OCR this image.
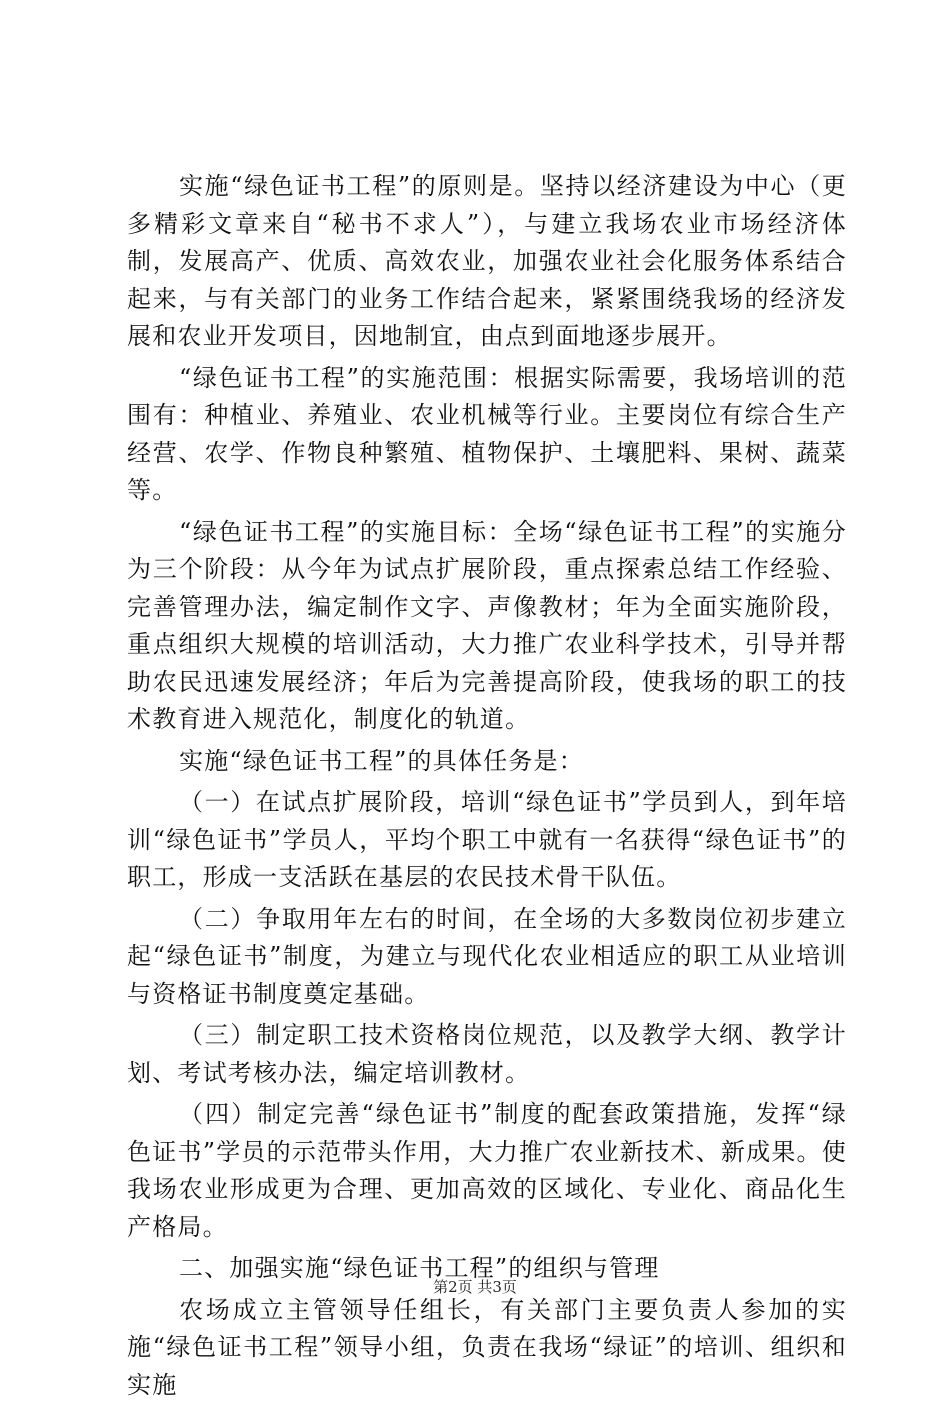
实施“绿色证书工程”的原则是。坚持以经济建设为中心（更多精彩文章来自“秘书不求人”），与建立我场农业市场经济体制，发展高产、优质、高效农业，加强农业社会化服务体系结合起来，与有关部门的业务工作结合起来，紧紧围绕我场的经济发展和农业开发项目，因地制宜，由点到面地逐步展开。

“绿色证书工程”的实施范围：根据实际需要，我场培训的范围有：种植业、养殖业、农业机械等行业。主要岗位有综合生产经营、农学、作物良种繁殖、植物保护、土壤肥料、果树、蔬菜等。

“绿色证书工程”的实施目标：全场“绿色证书工程”的实施分为三个阶段：从今年为试点扩展阶段，重点探索总结工作经验、完善管理办法，编定制作文字、声像教材；年为全面实施阶段，重点组织大规模的培训活动，大力推广农业科学技术，引导并帮助农民迅速发展经济；年后为完善提高阶段，使我场的职工的技术教育进入规范化，制度化的轨道。

实施“绿色证书工程”的具体任务是：

（一）在试点扩展阶段，培训“绿色证书”学员到人，到年培训“绿色证书”学员人，平均个职工中就有一名获得“绿色证书”的职工，形成一支活跃在基层的农民技术骨干队伍。

（二）争取用年左右的时间，在全场的大多数岗位初步建立起“绿色证书”制度，为建立与现代化农业相适应的职工从业培训与资格证书制度奠定基础。

（三）制定职工技术资格岗位规范，以及教学大纲、教学计划、考试考核办法，编定培训教材。

（四）制定完善“绿色证书”制度的配套政策措施，发挥“绿色证书”学员的示范带头作用，大力推广农业新技术、新成果。使我场农业形成更为合理、更加高效的区域化、专业化、商品化生产格局。

二、加强实施“绿色证书工程”的组织与管理

农场成立主管领导任组长，有关部门主要负责人参加的实施“绿色证书工程”领导小组，负责在我场“绿证”的培训、组织和实施

第2页 共3页
